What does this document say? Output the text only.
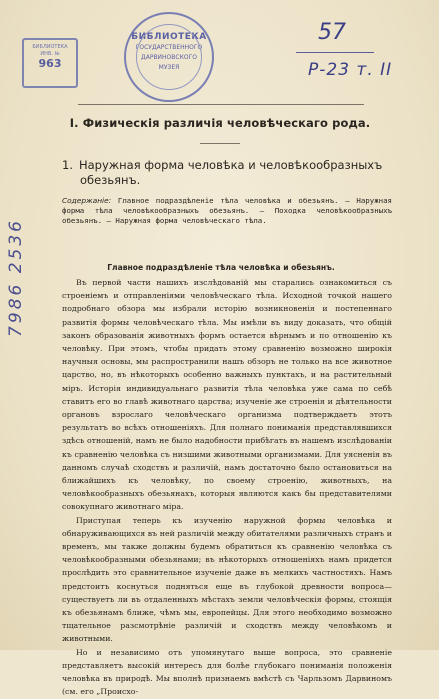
БИБЛИОТЕКА
ИНВ. №
963
БИБЛИОТЕКА
ГОСУДАРСТВЕННОГО
ДАРВИНОВСКОГО
МУЗЕЯ
57
Р-23 т. II
7986 2536
I. Физическія различія человѣческаго рода.
1. Наружная форма человѣка и человѣкообразныхъ
обезьянъ.
Содержаніе: Главное подраздѣленіе тѣла человѣка и обезьянъ. — Наружная форма тѣла человѣкообразныхъ обезьянъ. — Походка человѣкообразныхъ обезьянъ. — Наружная форма человѣческаго тѣла.
Главное подраздѣленіе тѣла человѣка и обезьянъ.

Въ первой части нашихъ изслѣдованій мы старались ознакомиться съ строеніемъ и отправленіями человѣческаго тѣла. Исходной точкой нашего подробнаго обзора мы избрали исторію возникновенія и постепеннаго развитія формы человѣческаго тѣла. Мы имѣли въ виду доказать, что общій законъ образованія животныхъ формъ остается вѣрнымъ и по отношенію къ человѣку. При этомъ, чтобы придать этому сравненію возможно широкія научныя основы, мы распространили нашъ обзоръ не только на все животное царство, но, въ нѣкоторыхъ особенно важныхъ пунктахъ, и на растительный міръ. Исторія индивидуальнаго развитія тѣла человѣка уже сама по себѣ ставитъ его во главѣ животнаго царства; изученіе же строенія и дѣятельности органовъ взрослаго человѣческаго организма подтверждаетъ этотъ результатъ во всѣхъ отношеніяхъ. Для полнаго пониманія представлявшихся здѣсь отношеній, намъ не было надобности прибѣгать въ нашемъ изслѣдованіи къ сравненію человѣка съ низшими животными организмами. Для уясненія въ данномъ случаѣ сходствъ и различій, намъ достаточно было остановиться на ближайшихъ къ человѣку, по своему строенію, животныхъ, на человѣкообразныхъ обезьянахъ, которыя являются какъ бы представителями совокупнаго животнаго міра.

Приступая теперь къ изученію наружной формы человѣка и обнаруживающихся въ ней различій между обитателями различныхъ странъ и временъ, мы также должны будемъ обратиться къ сравненію человѣка съ человѣкообразными обезьянами; въ нѣкоторыхъ отношеніяхъ намъ придется прослѣдить это сравнительное изученіе даже въ мелкихъ частностяхъ. Намъ предстоитъ коснуться подняться еще въ глубокой древности вопроса—существуетъ ли въ отдаленныхъ мѣстахъ земли человѣческія формы, стоящія къ обезьянамъ ближе, чѣмъ мы, европейцы. Для этого необходимо возможно тщательное разсмотрѣніе различій и сходствъ между человѣкомъ и животными.

Но и независимо отъ упомянутаго выше вопроса, это сравненіе представляетъ высокій интересъ для болѣе глубокаго пониманія положенія человѣка въ природѣ. Мы вполнѣ признаемъ вмѣстѣ съ Чарльзомъ Дарвиномъ (см. его „Происхо-
